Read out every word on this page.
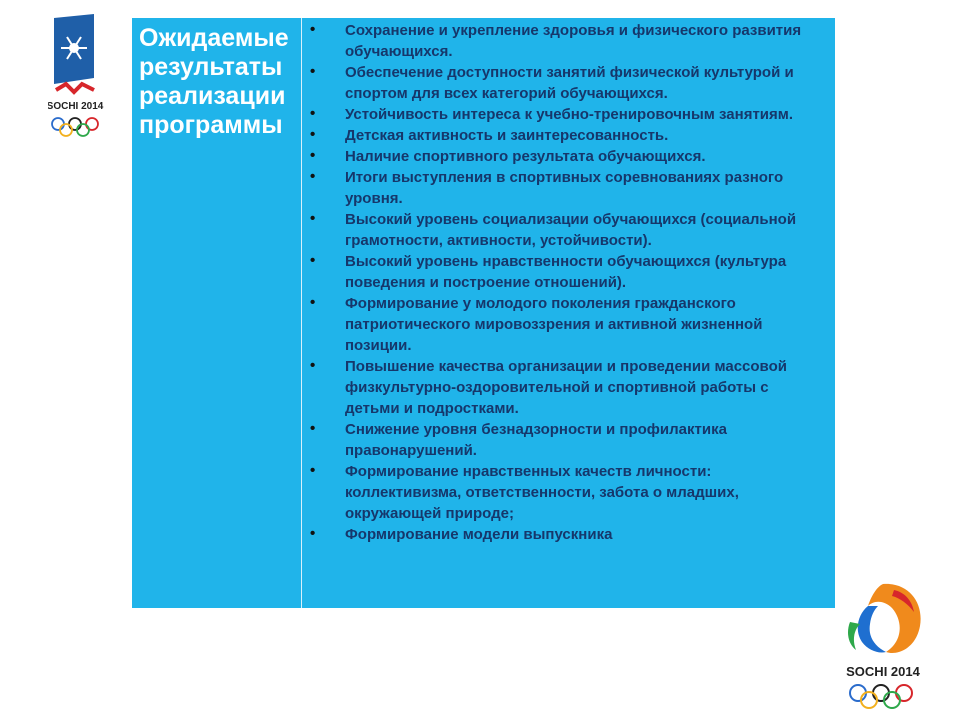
SOCHI 2014

Ожидаемые результаты реализации программы

• Сохранение и укрепление здоровья и физического развития обучающихся.
• Обеспечение доступности занятий физической культурой и спортом для всех категорий обучающихся.
• Устойчивость интереса к учебно-тренировочным занятиям.
• Детская активность и заинтересованность.
• Наличие спортивного результата обучающихся.
• Итоги выступления в спортивных соревнованиях разного уровня.
• Высокий уровень социализации обучающихся (социальной грамотности, активности, устойчивости).
• Высокий уровень нравственности обучающихся (культура поведения и построение отношений).
• Формирование у молодого поколения гражданского патриотического мировоззрения и активной жизненной позиции.
• Повышение качества организации и проведении массовой физкультурно-оздоровительной и спортивной работы с детьми и подростками.
• Снижение уровня безнадзорности и профилактика правонарушений.
• Формирование нравственных качеств личности: коллективизма, ответственности, забота о младших, окружающей природе;
• Формирование модели выпускника
SOCHI 2014
